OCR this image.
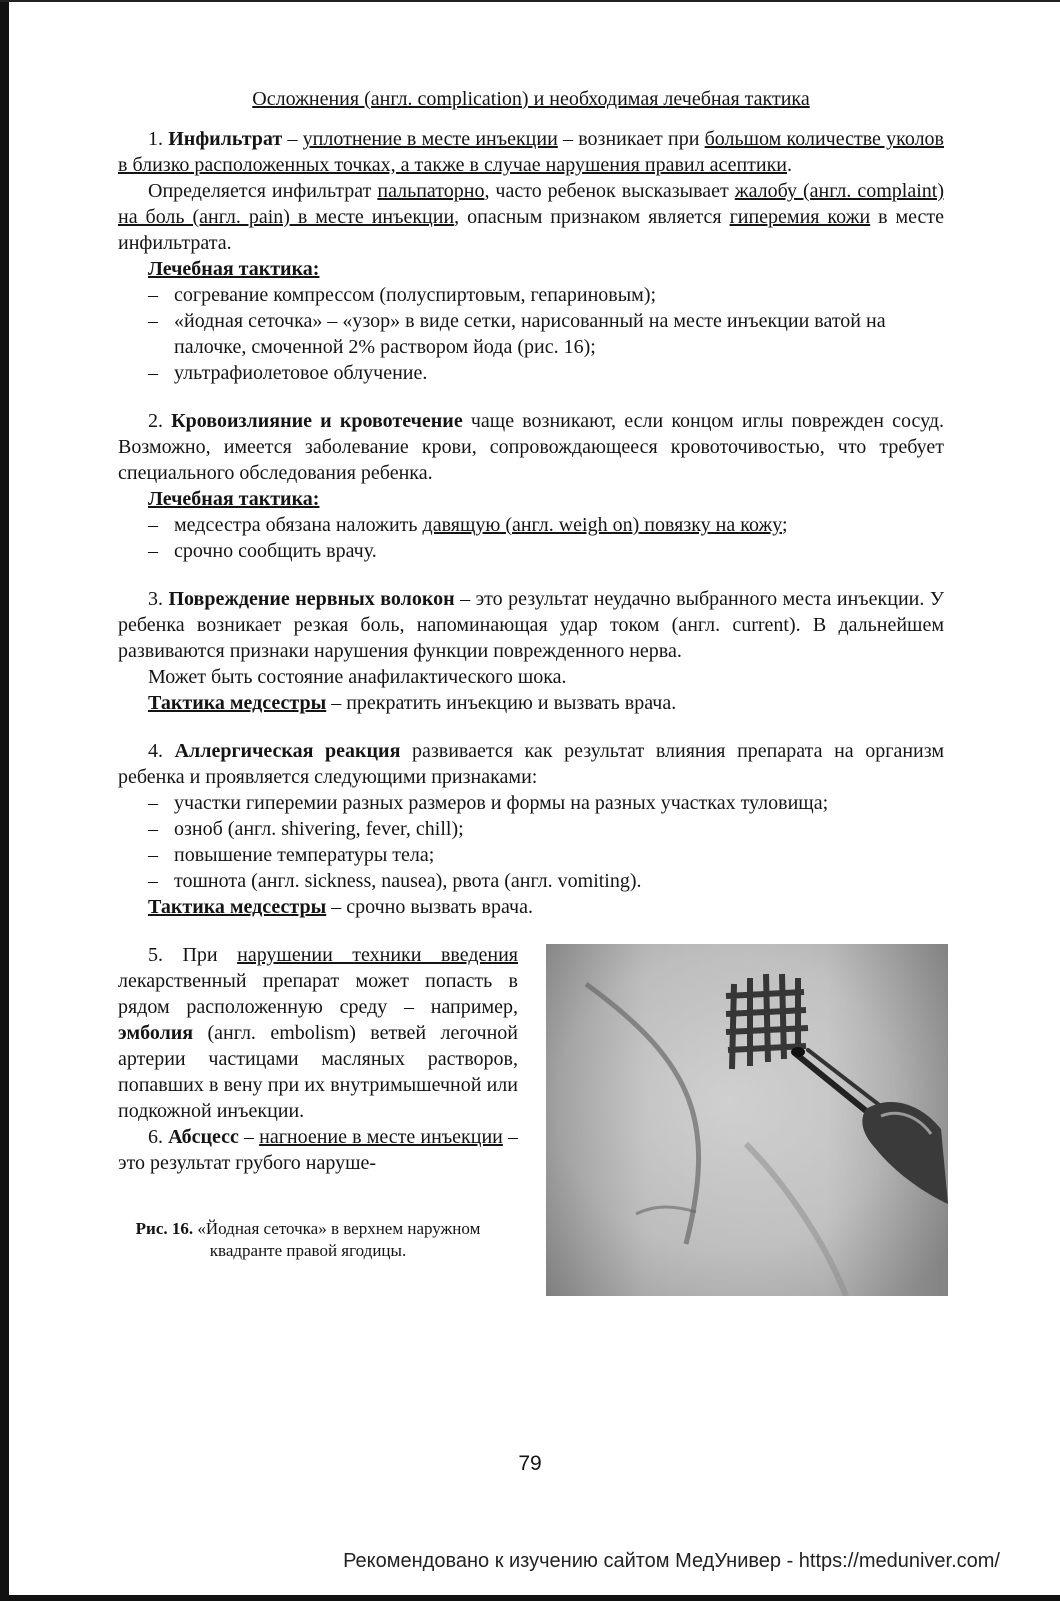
Осложнения (англ. complication) и необходимая лечебная тактика

1. Инфильтрат – уплотнение в месте инъекции – возникает при большом количестве уколов в близко расположенных точках, а также в случае нарушения правил асептики.

Определяется инфильтрат пальпаторно, часто ребенок высказывает жалобу (англ. complaint) на боль (англ. pain) в месте инъекции, опасным признаком является гиперемия кожи в месте инфильтрата.

Лечебная тактика:
– согревание компрессом (полуспиртовым, гепариновым);
– «йодная сеточка» – «узор» в виде сетки, нарисованный на месте инъекции ватой на палочке, смоченной 2% раствором йода (рис. 16);
– ультрафиолетовое облучение.

2. Кровоизлияние и кровотечение чаще возникают, если концом иглы поврежден сосуд. Возможно, имеется заболевание крови, сопровождающееся кровоточивостью, что требует специального обследования ребенка.

Лечебная тактика:
– медсестра обязана наложить давящую (англ. weigh on) повязку на кожу;
– срочно сообщить врачу.

3. Повреждение нервных волокон – это результат неудачно выбранного места инъекции. У ребенка возникает резкая боль, напоминающая удар током (англ. current). В дальнейшем развиваются признаки нарушения функции поврежденного нерва.

Может быть состояние анафилактического шока.

Тактика медсестры – прекратить инъекцию и вызвать врача.

4. Аллергическая реакция развивается как результат влияния препарата на организм ребенка и проявляется следующими признаками:

– участки гиперемии разных размеров и формы на разных участках туловища;
– озноб (англ. shivering, fever, chill);
– повышение температуры тела;
– тошнота (англ. sickness, nausea), рвота (англ. vomiting).

Тактика медсестры – срочно вызвать врача.

5. При нарушении техники введения лекарственный препарат может попасть в рядом расположенную среду – например, эмболия (англ. embolism) ветвей легочной артерии частицами масляных растворов, попавших в вену при их внутримышечной или подкожной инъекции.

6. Абсцесс – нагноение в месте инъекции – это результат грубого наруше-

Рис. 16. «Йодная сеточка» в верхнем наружном квадранте правой ягодицы.
79
Рекомендовано к изучению сайтом МедУнивер - https://meduniver.com/
